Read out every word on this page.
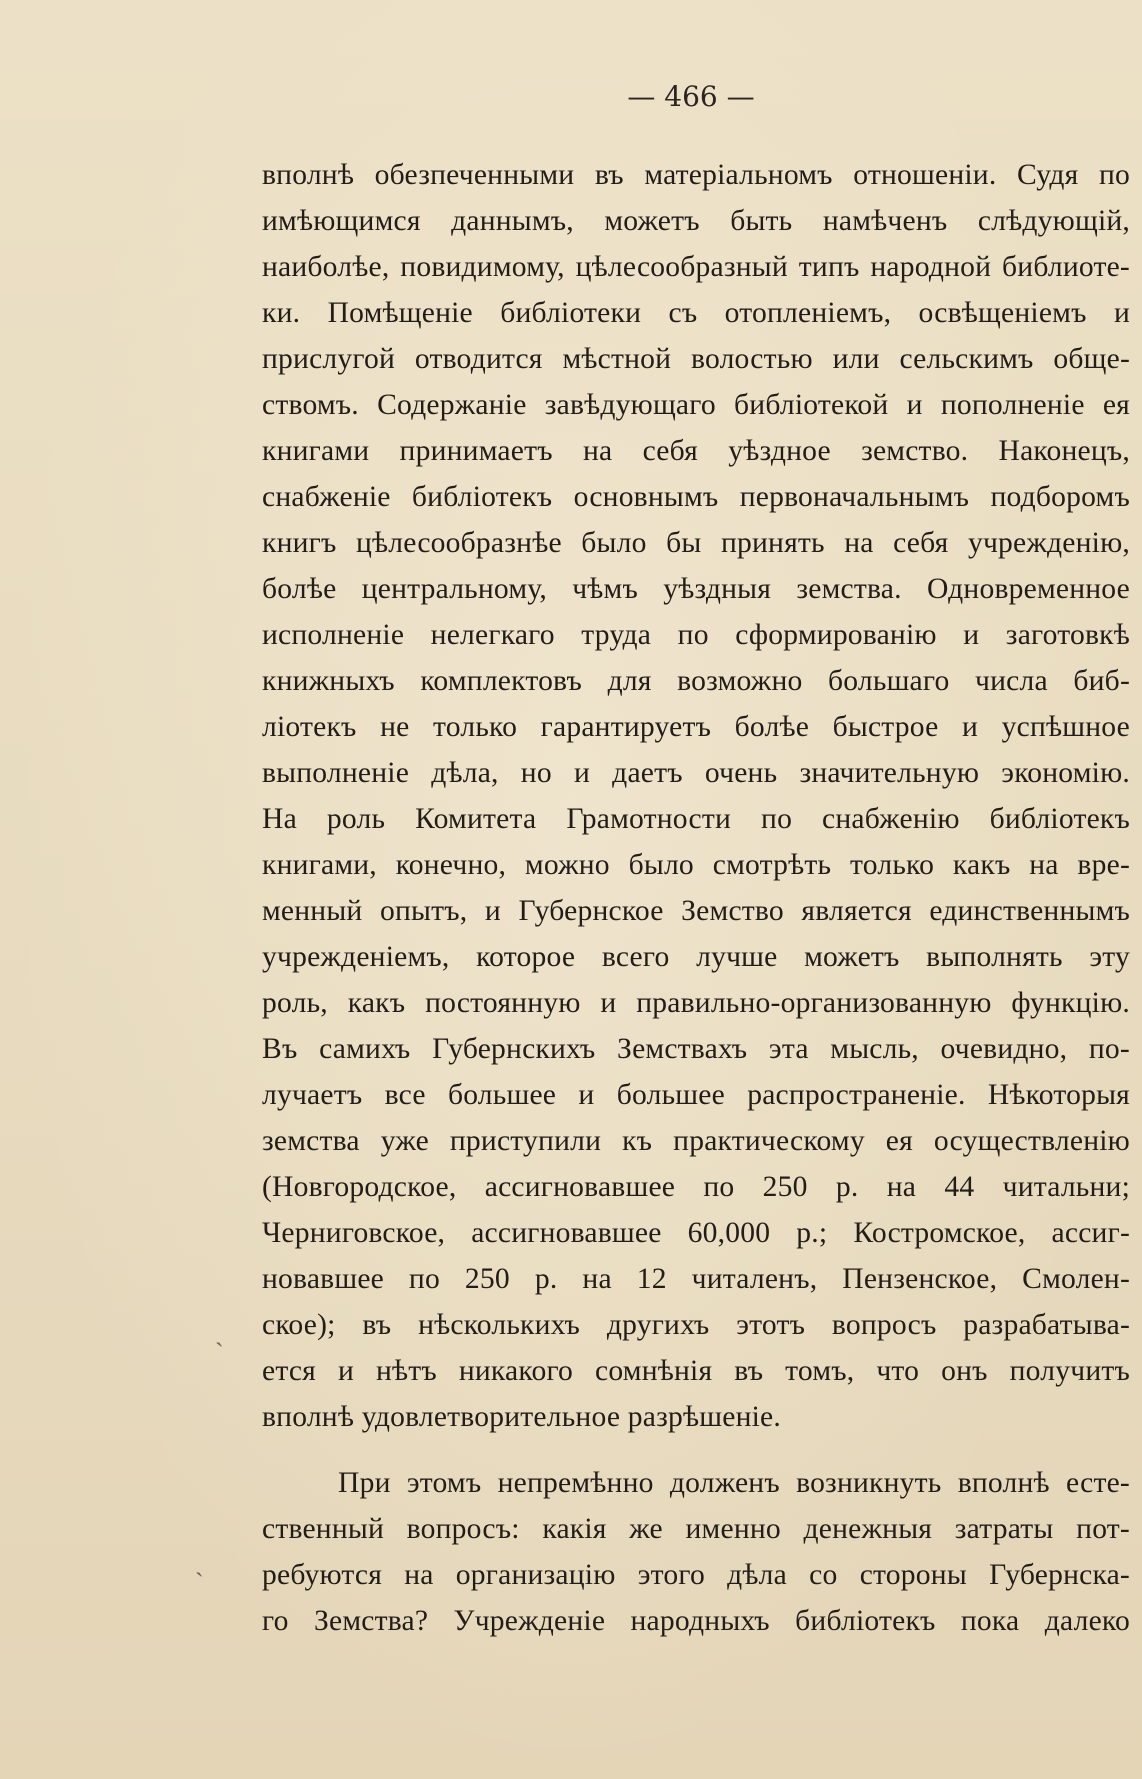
— 466 —
вполнѣ обезпеченными въ матеріальномъ отношеніи. Судя по
имѣющимся даннымъ, можетъ быть намѣченъ слѣдующій,
наиболѣе, повидимому, цѣлесообразный типъ народной библиоте-
ки. Помѣщеніе библіотеки съ отопленіемъ, освѣщеніемъ и
прислугой отводится мѣстной волостью или сельскимъ обще-
ствомъ. Содержаніе завѣдующаго библіотекой и пополненіе ея
книгами принимаетъ на себя уѣздное земство. Наконецъ,
снабженіе библіотекъ основнымъ первоначальнымъ подборомъ
книгъ цѣлесообразнѣе было бы принять на себя учрежденію,
болѣе центральному, чѣмъ уѣздныя земства. Одновременное
исполненіе нелегкаго труда по сформированію и заготовкѣ
книжныхъ комплектовъ для возможно большаго числа биб-
ліотекъ не только гарантируетъ болѣе быстрое и успѣшное
выполненіе дѣла, но и даетъ очень значительную экономію.
На роль Комитета Грамотности по снабженію библіотекъ
книгами, конечно, можно было смотрѣть только какъ на вре-
менный опытъ, и Губернское Земство является единственнымъ
учрежденіемъ, которое всего лучше можетъ выполнять эту
роль, какъ постоянную и правильно-организованную функцію.
Въ самихъ Губернскихъ Земствахъ эта мысль, очевидно, по-
лучаетъ все большее и большее распространеніе. Нѣкоторыя
земства уже приступили къ практическому ея осуществленію
(Новгородское, ассигновавшее по 250 р. на 44 читальни;
Черниговское, ассигновавшее 60,000 р.; Костромское, ассиг-
новавшее по 250 р. на 12 читаленъ, Пензенское, Смолен-
ское); въ нѣсколькихъ другихъ этотъ вопросъ разрабатыва-
ется и нѣтъ никакого сомнѣнія въ томъ, что онъ получитъ
вполнѣ удовлетворительное разрѣшеніе.
При этомъ непремѣнно долженъ возникнуть вполнѣ есте-
ственный вопросъ: какія же именно денежныя затраты пот-
ребуются на организацію этого дѣла со стороны Губернска-
го Земства? Учрежденіе народныхъ библіотекъ пока далеко
ˏ
ˏ
